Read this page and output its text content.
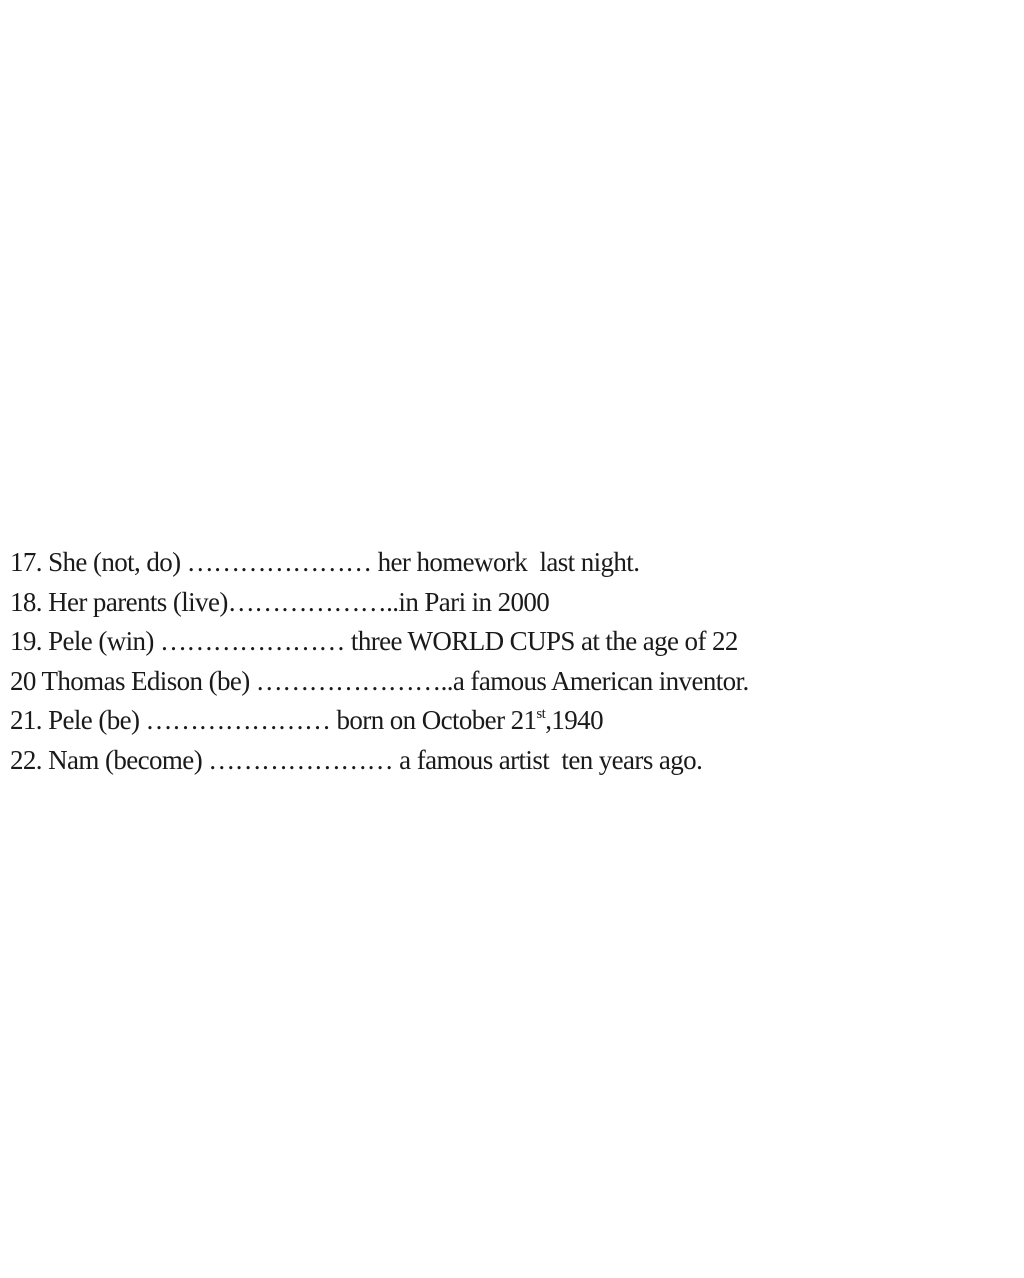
17. She (not, do) ………………… her homework  last night.
18. Her parents (live)………………..in Pari in 2000
19. Pele (win) ………………… three WORLD CUPS at the age of 22
20 Thomas Edison (be) …………………..a famous American inventor.
21. Pele (be) ………………… born on October 21st,1940
22. Nam (become) ………………… a famous artist  ten years ago.
